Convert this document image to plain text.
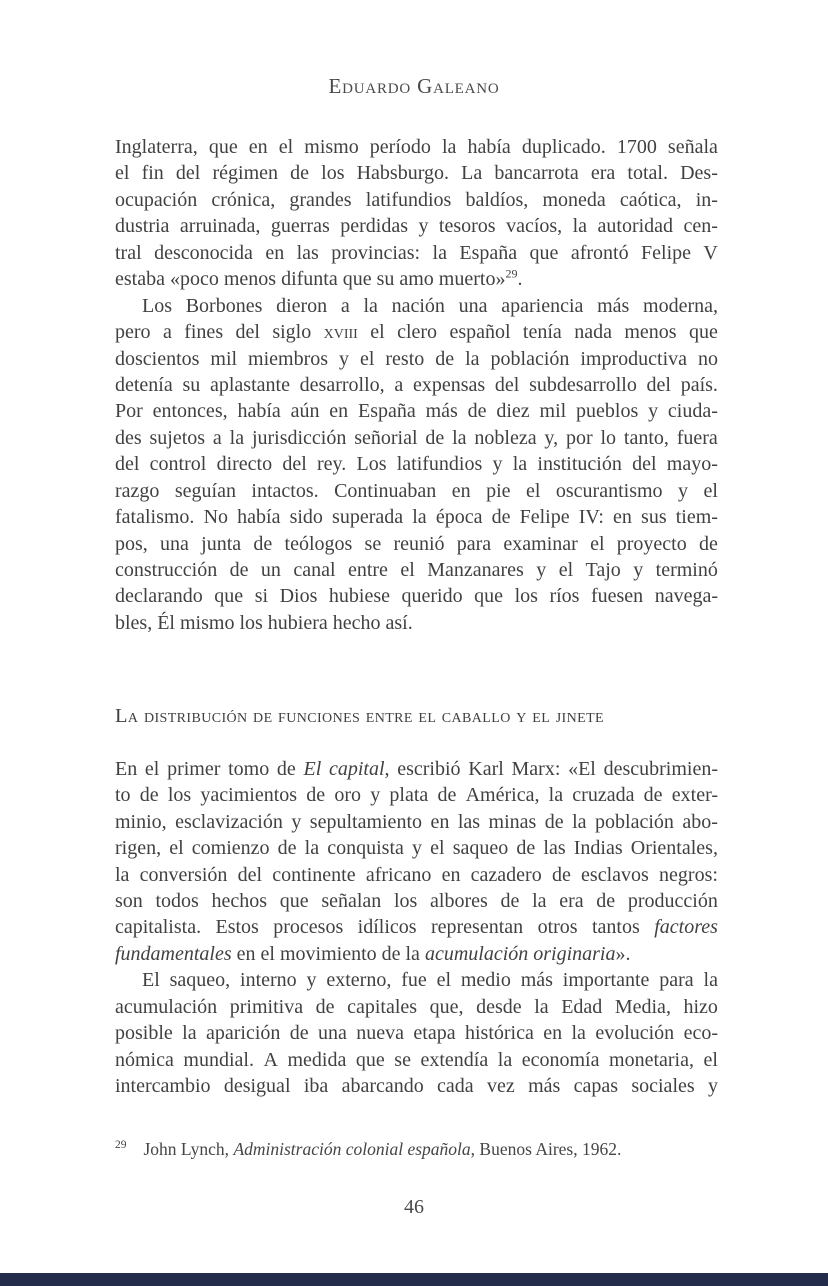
Eduardo Galeano
Inglaterra, que en el mismo período la había duplicado. 1700 señala
el fin del régimen de los Habsburgo. La bancarrota era total. Des-
ocupación crónica, grandes latifundios baldíos, moneda caótica, in-
dustria arruinada, guerras perdidas y tesoros vacíos, la autoridad cen-
tral desconocida en las provincias: la España que afrontó Felipe V
estaba «poco menos difunta que su amo muerto»$^{29}$.
Los Borbones dieron a la nación una apariencia más moderna,
pero a fines del siglo xviii el clero español tenía nada menos que
doscientos mil miembros y el resto de la población improductiva no
detenía su aplastante desarrollo, a expensas del subdesarrollo del país.
Por entonces, había aún en España más de diez mil pueblos y ciuda-
des sujetos a la jurisdicción señorial de la nobleza y, por lo tanto, fuera
del control directo del rey. Los latifundios y la institución del mayo-
razgo seguían intactos. Continuaban en pie el oscurantismo y el
fatalismo. No había sido superada la época de Felipe IV: en sus tiem-
pos, una junta de teólogos se reunió para examinar el proyecto de
construcción de un canal entre el Manzanares y el Tajo y terminó
declarando que si Dios hubiese querido que los ríos fuesen navega-
bles, Él mismo los hubiera hecho así.
La distribución de funciones entre el caballo y el jinete
En el primer tomo de El capital, escribió Karl Marx: «El descubrimien-
to de los yacimientos de oro y plata de América, la cruzada de exter-
minio, esclavización y sepultamiento en las minas de la población abo-
rigen, el comienzo de la conquista y el saqueo de las Indias Orientales,
la conversión del continente africano en cazadero de esclavos negros:
son todos hechos que señalan los albores de la era de producción
capitalista. Estos procesos idílicos representan otros tantos factores
fundamentales en el movimiento de la acumulación originaria».
El saqueo, interno y externo, fue el medio más importante para la
acumulación primitiva de capitales que, desde la Edad Media, hizo
posible la aparición de una nueva etapa histórica en la evolución eco-
nómica mundial. A medida que se extendía la economía monetaria, el
intercambio desigual iba abarcando cada vez más capas sociales y
$^{29}$ John Lynch, Administración colonial española, Buenos Aires, 1962.
46
